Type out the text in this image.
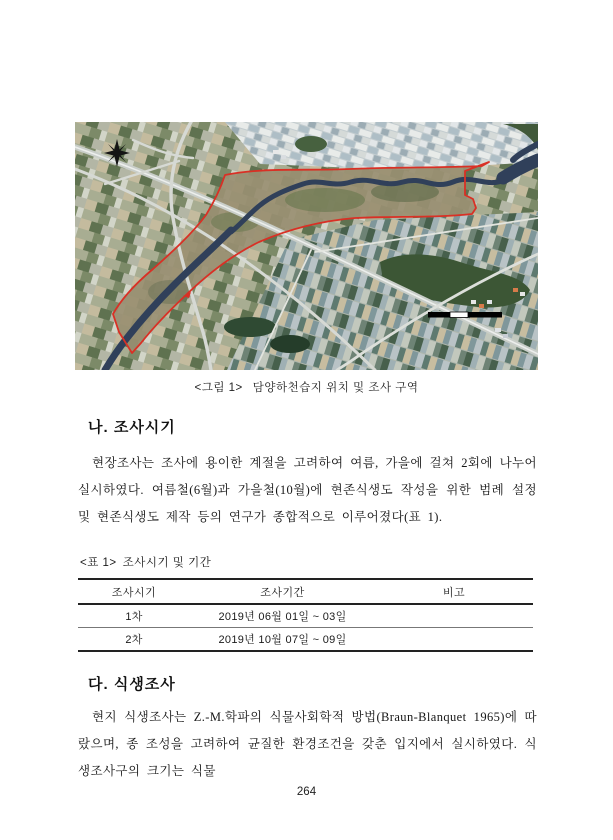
<그림 1> 담양하천습지 위치 및 조사 구역
나. 조사시기
현장조사는 조사에 용이한 계절을 고려하여 여름, 가을에 걸쳐 2회에 나누어 실시하였다. 여름철(6월)과 가을철(10월)에 현존식생도 작성을 위한 범례 설정 및 현존식생도 제작 등의 연구가 종합적으로 이루어졌다(표 1).
<표 1> 조사시기 및 기간
조사시기	조사기간	비고
1차	2019년 06월 01일 ~ 03일	
2차	2019년 10월 07일 ~ 09일	
다. 식생조사
현지 식생조사는 Z.-M.학파의 식물사회학적 방법(Braun-Blanquet 1965)에 따랐으며, 종 조성을 고려하여 균질한 환경조건을 갖춘 입지에서 실시하였다. 식생조사구의 크기는 식물
264
